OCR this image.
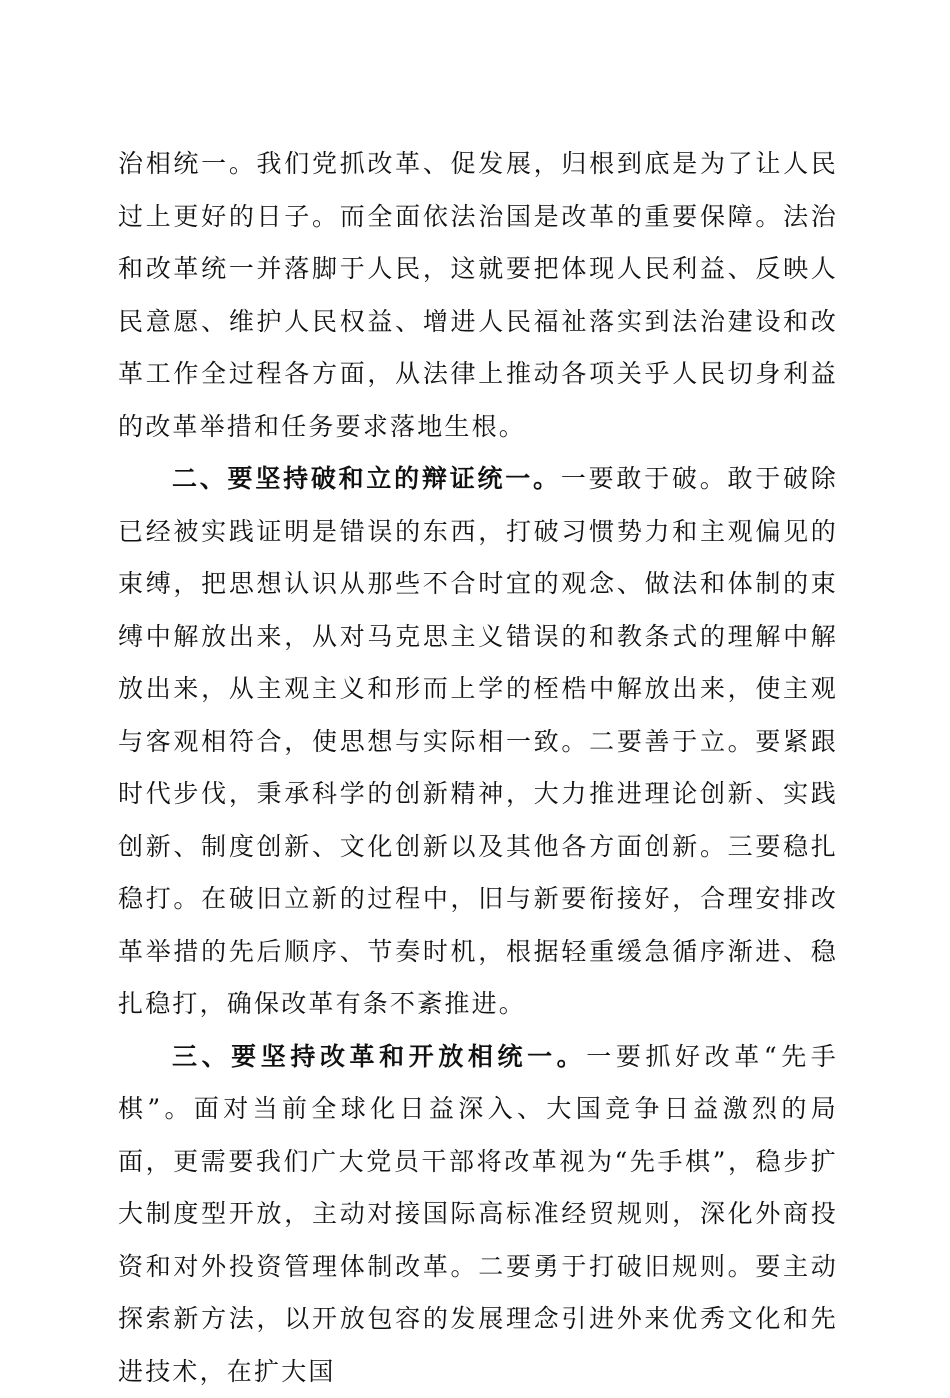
治相统一。我们党抓改革、促发展，归根到底是为了让人民过上更好的日子。而全面依法治国是改革的重要保障。法治和改革统一并落脚于人民，这就要把体现人民利益、反映人民意愿、维护人民权益、增进人民福祉落实到法治建设和改革工作全过程各方面，从法律上推动各项关乎人民切身利益的改革举措和任务要求落地生根。

二、要坚持破和立的辩证统一。一要敢于破。敢于破除已经被实践证明是错误的东西，打破习惯势力和主观偏见的束缚，把思想认识从那些不合时宜的观念、做法和体制的束缚中解放出来，从对马克思主义错误的和教条式的理解中解放出来，从主观主义和形而上学的桎梏中解放出来，使主观与客观相符合，使思想与实际相一致。二要善于立。要紧跟时代步伐，秉承科学的创新精神，大力推进理论创新、实践创新、制度创新、文化创新以及其他各方面创新。三要稳扎稳打。在破旧立新的过程中，旧与新要衔接好，合理安排改革举措的先后顺序、节奏时机，根据轻重缓急循序渐进、稳扎稳打，确保改革有条不紊推进。

三、要坚持改革和开放相统一。一要抓好改革“先手棋”。面对当前全球化日益深入、大国竞争日益激烈的局面，更需要我们广大党员干部将改革视为“先手棋”，稳步扩大制度型开放，主动对接国际高标准经贸规则，深化外商投资和对外投资管理体制改革。二要勇于打破旧规则。要主动探索新方法，以开放包容的发展理念引进外来优秀文化和先进技术，在扩大国
